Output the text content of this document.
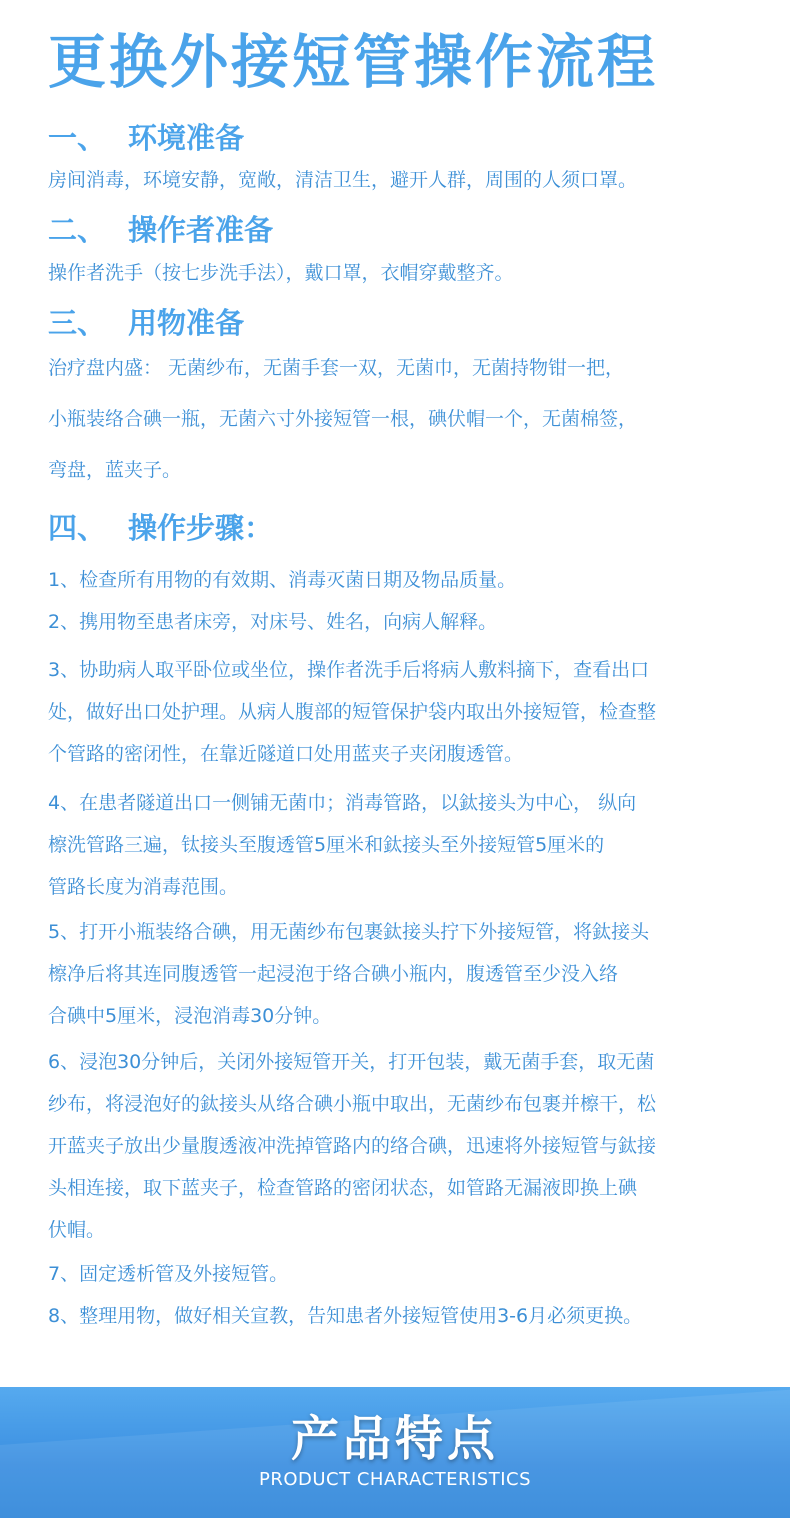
更换外接短管操作流程
一、 环境准备

房间消毒，环境安静，宽敞，清洁卫生，避开人群，周围的人须口罩。

二、 操作者准备

操作者洗手（按七步洗手法），戴口罩，衣帽穿戴整齐。

三、 用物准备

治疗盘内盛： 无菌纱布，无菌手套一双，无菌巾，无菌持物钳一把，

小瓶装络合碘一瓶，无菌六寸外接短管一根，碘伏帽一个，无菌棉签，

弯盘，蓝夹子。

四、 操作步骤：

1、检查所有用物的有效期、消毒灭菌日期及物品质量。

2、携用物至患者床旁，对床号、姓名，向病人解释。

3、协助病人取平卧位或坐位，操作者洗手后将病人敷料摘下，查看出口

处，做好出口处护理。从病人腹部的短管保护袋内取出外接短管，检查整

个管路的密闭性，在靠近隧道口处用蓝夹子夹闭腹透管。

4、在患者隧道出口一侧铺无菌巾；消毒管路，以鈦接头为中心， 纵向

檫洗管路三遍，钛接头至腹透管5厘米和鈦接头至外接短管5厘米的

管路长度为消毒范围。

5、打开小瓶装络合碘，用无菌纱布包裹鈦接头拧下外接短管，将鈦接头

檫净后将其连同腹透管一起浸泡于络合碘小瓶内，腹透管至少没入络

合碘中5厘米，浸泡消毒30分钟。

6、浸泡30分钟后，关闭外接短管开关，打开包装，戴无菌手套，取无菌

纱布，将浸泡好的鈦接头从络合碘小瓶中取出，无菌纱布包裹并檫干，松

开蓝夹子放出少量腹透液冲洗掉管路内的络合碘，迅速将外接短管与鈦接

头相连接，取下蓝夹子，检查管路的密闭状态，如管路无漏液即换上碘

伏帽。

7、固定透析管及外接短管。

8、整理用物，做好相关宣教，告知患者外接短管使用3-6月必须更换。

产品特点

PRODUCT CHARACTERISTICS
